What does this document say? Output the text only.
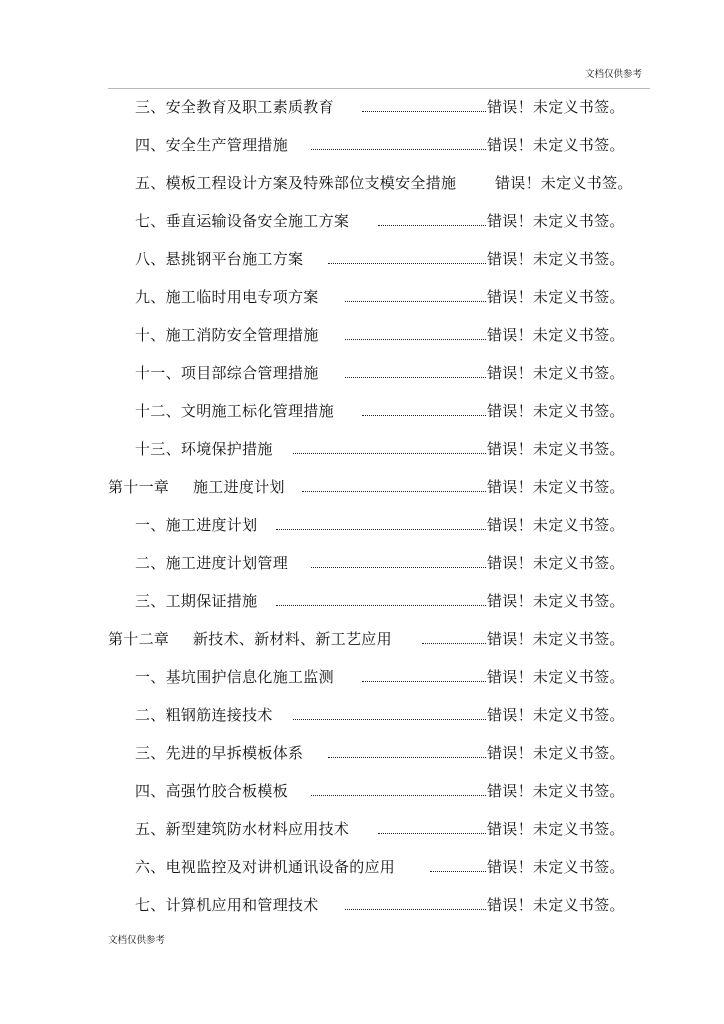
文档仅供参考
三、安全教育及职工素质教育	错误！未定义书签。
四、安全生产管理措施	错误！未定义书签。
五、模板工程设计方案及特殊部位支模安全措施	错误！未定义书签。
七、垂直运输设备安全施工方案	错误！未定义书签。
八、悬挑钢平台施工方案	错误！未定义书签。
九、施工临时用电专项方案	错误！未定义书签。
十、施工消防安全管理措施	错误！未定义书签。
十一、项目部综合管理措施	错误！未定义书签。
十二、文明施工标化管理措施	错误！未定义书签。
十三、环境保护措施	错误！未定义书签。
第十一章 施工进度计划	错误！未定义书签。
一、施工进度计划	错误！未定义书签。
二、施工进度计划管理	错误！未定义书签。
三、工期保证措施	错误！未定义书签。
第十二章 新技术、新材料、新工艺应用	错误！未定义书签。
一、基坑围护信息化施工监测	错误！未定义书签。
二、粗钢筋连接技术	错误！未定义书签。
三、先进的早拆模板体系	错误！未定义书签。
四、高强竹胶合板模板	错误！未定义书签。
五、新型建筑防水材料应用技术	错误！未定义书签。
六、电视监控及对讲机通讯设备的应用	错误！未定义书签。
七、计算机应用和管理技术	错误！未定义书签。
文档仅供参考
